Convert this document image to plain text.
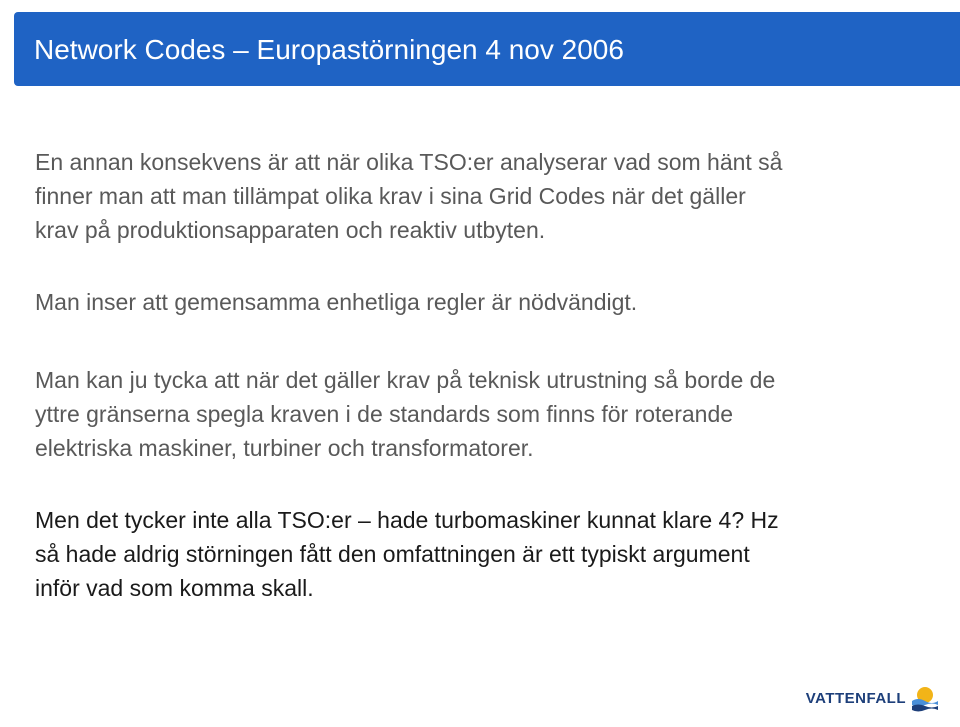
Network Codes – Europastörningen 4 nov 2006

En annan konsekvens är att när olika TSO:er analyserar vad som hänt så
finner man att man tillämpat olika krav i sina Grid Codes när det gäller
krav på produktionsapparaten och reaktiv utbyten.

Man inser att gemensamma enhetliga regler är nödvändigt.

Man kan ju tycka att när det gäller krav på teknisk utrustning så borde de
yttre gränserna spegla kraven i de standards som finns för roterande
elektriska maskiner, turbiner och transformatorer.

Men det tycker inte alla TSO:er – hade turbomaskiner kunnat klare 4? Hz
så hade aldrig störningen fått den omfattningen är ett typiskt argument
inför vad som komma skall.

VATTENFALL
